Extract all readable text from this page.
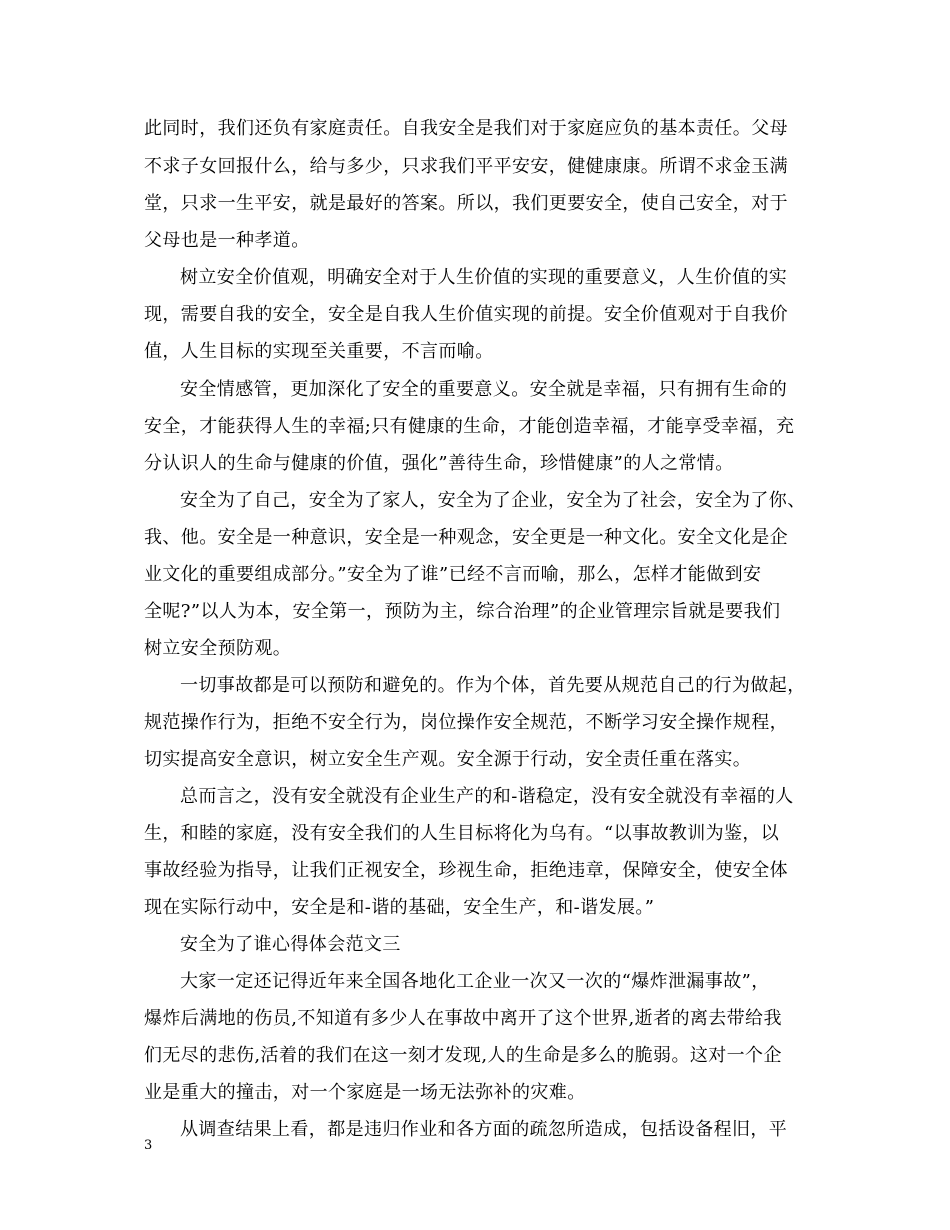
此同时，我们还负有家庭责任。自我安全是我们对于家庭应负的基本责任。父母
不求子女回报什么，给与多少，只求我们平平安安，健健康康。所谓不求金玉满
堂，只求一生平安，就是最好的答案。所以，我们更要安全，使自己安全，对于
父母也是一种孝道。
树立安全价值观，明确安全对于人生价值的实现的重要意义，人生价值的实
现，需要自我的安全，安全是自我人生价值实现的前提。安全价值观对于自我价
值，人生目标的实现至关重要，不言而喻。
安全情感管，更加深化了安全的重要意义。安全就是幸福，只有拥有生命的
安全，才能获得人生的幸福;只有健康的生命，才能创造幸福，才能享受幸福，充
分认识人的生命与健康的价值，强化”善待生命，珍惜健康”的人之常情。
安全为了自己，安全为了家人，安全为了企业，安全为了社会，安全为了你、
我、他。安全是一种意识，安全是一种观念，安全更是一种文化。安全文化是企
业文化的重要组成部分。”安全为了谁”已经不言而喻，那么，怎样才能做到安
全呢?”以人为本，安全第一，预防为主，综合治理”的企业管理宗旨就是要我们
树立安全预防观。
一切事故都是可以预防和避免的。作为个体，首先要从规范自己的行为做起，
规范操作行为，拒绝不安全行为，岗位操作安全规范，不断学习安全操作规程，
切实提高安全意识，树立安全生产观。安全源于行动，安全责任重在落实。
总而言之，没有安全就没有企业生产的和-谐稳定，没有安全就没有幸福的人
生，和睦的家庭，没有安全我们的人生目标将化为乌有。“以事故教训为鉴，以
事故经验为指导，让我们正视安全，珍视生命，拒绝违章，保障安全，使安全体
现在实际行动中，安全是和-谐的基础，安全生产，和-谐发展。”
安全为了谁心得体会范文三
大家一定还记得近年来全国各地化工企业一次又一次的“爆炸泄漏事故”，
爆炸后满地的伤员,不知道有多少人在事故中离开了这个世界,逝者的离去带给我
们无尽的悲伤,活着的我们在这一刻才发现,人的生命是多么的脆弱。这对一个企
业是重大的撞击，对一个家庭是一场无法弥补的灾难。
从调查结果上看，都是违归作业和各方面的疏忽所造成，包括设备程旧，平
3
